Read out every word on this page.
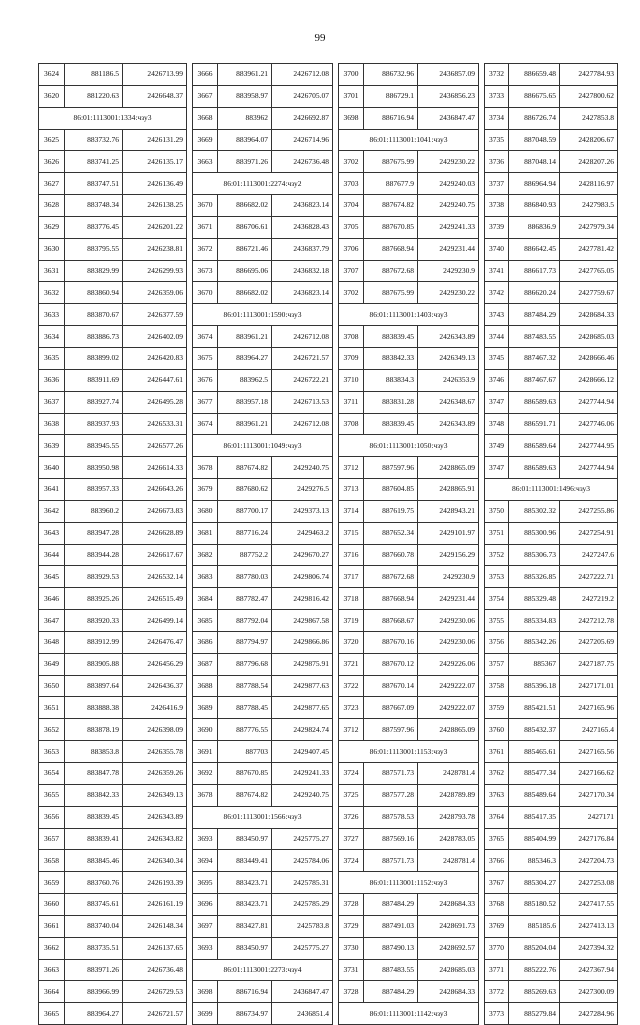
99
3624	881186.5	2426713.99
3620	881220.63	2426648.37
86:01:1113001:1334:чзу3		
3625	883732.76	2426131.29
3626	883741.25	2426135.17
3627	883747.51	2426136.49
3628	883748.34	2426138.25
3629	883776.45	2426201.22
3630	883795.55	2426238.81
3631	883829.99	2426299.93
3632	883860.94	2426359.06
3633	883870.67	2426377.59
3634	883886.73	2426402.09
3635	883899.02	2426420.83
3636	883911.69	2426447.61
3637	883927.74	2426495.28
3638	883937.93	2426533.31
3639	883945.55	2426577.26
3640	883950.98	2426614.33
3641	883957.33	2426643.26
3642	883960.2	2426673.83
3643	883947.28	2426628.89
3644	883944.28	2426617.67
3645	883929.53	2426532.14
3646	883925.26	2426515.49
3647	883920.33	2426499.14
3648	883912.99	2426476.47
3649	883905.88	2426456.29
3650	883897.64	2426436.37
3651	883888.38	2426416.9
3652	883878.19	2426398.09
3653	883853.8	2426355.78
3654	883847.78	2426359.26
3655	883842.33	2426349.13
3656	883839.45	2426343.89
3657	883839.41	2426343.82
3658	883845.46	2426340.34
3659	883760.76	2426193.39
3660	883745.61	2426161.19
3661	883740.04	2426148.34
3662	883735.51	2426137.65
3663	883971.26	2426736.48
3664	883966.99	2426729.53
3665	883964.27	2426721.57
3666	883961.21	2426712.08
3667	883958.97	2426705.07
3668	883962	2426692.87
3669	883964.07	2426714.96
3663	883971.26	2426736.48
86:01:1113001:2274:чзу2		
3670	886682.02	2436823.14
3671	886706.61	2436828.43
3672	886721.46	2436837.79
3673	886695.06	2436832.18
3670	886682.02	2436823.14
86:01:1113001:1590:чзу3		
3674	883961.21	2426712.08
3675	883964.27	2426721.57
3676	883962.5	2426722.21
3677	883957.18	2426713.53
3674	883961.21	2426712.08
86:01:1113001:1049:чзу3		
3678	887674.82	2429240.75
3679	887680.62	2429276.5
3680	887700.17	2429373.13
3681	887716.24	2429463.2
3682	887752.2	2429670.27
3683	887780.03	2429806.74
3684	887782.47	2429816.42
3685	887792.04	2429867.58
3686	887794.97	2429866.86
3687	887796.68	2429875.91
3688	887788.54	2429877.63
3689	887788.45	2429877.65
3690	887776.55	2429824.74
3691	887703	2429407.45
3692	887670.85	2429241.33
3678	887674.82	2429240.75
86:01:1113001:1566:чзу3		
3693	883450.97	2425775.27
3694	883449.41	2425784.06
3695	883423.71	2425785.31
3696	883423.71	2425785.29
3697	883427.81	2425783.8
3693	883450.97	2425775.27
86:01:1113001:2273:чзу4		
3698	886716.94	2436847.47
3699	886734.97	2436851.4
3700	886732.96	2436857.09
3701	886729.1	2436856.23
3698	886716.94	2436847.47
86:01:1113001:1041:чзу3		
3702	887675.99	2429230.22
3703	887677.9	2429240.03
3704	887674.82	2429240.75
3705	887670.85	2429241.33
3706	887668.94	2429231.44
3707	887672.68	2429230.9
3702	887675.99	2429230.22
86:01:1113001:1403:чзу3		
3708	883839.45	2426343.89
3709	883842.33	2426349.13
3710	883834.3	2426353.9
3711	883831.28	2426348.67
3708	883839.45	2426343.89
86:01:1113001:1050:чзу3		
3712	887597.96	2428865.09
3713	887604.85	2428865.91
3714	887619.75	2428943.21
3715	887652.34	2429101.97
3716	887660.78	2429156.29
3717	887672.68	2429230.9
3718	887668.94	2429231.44
3719	887668.67	2429230.06
3720	887670.16	2429230.06
3721	887670.12	2429226.06
3722	887670.14	2429222.07
3723	887667.09	2429222.07
3712	887597.96	2428865.09
86:01:1113001:1153:чзу3		
3724	887571.73	2428781.4
3725	887577.28	2428789.89
3726	887578.53	2428793.78
3727	887569.16	2428783.05
3724	887571.73	2428781.4
86:01:1113001:1152:чзу3		
3728	887484.29	2428684.33
3729	887491.03	2428691.73
3730	887490.13	2428692.57
3731	887483.55	2428685.03
3728	887484.29	2428684.33
86:01:1113001:1142:чзу3		
3732	886659.48	2427784.93
3733	886675.65	2427800.62
3734	886726.74	2427853.8
3735	887048.59	2428206.67
3736	887048.14	2428207.26
3737	886964.94	2428116.97
3738	886840.93	2427983.5
3739	886836.9	2427979.34
3740	886642.45	2427781.42
3741	886617.73	2427765.05
3742	886620.24	2427759.67
3743	887484.29	2428684.33
3744	887483.55	2428685.03
3745	887467.32	2428666.46
3746	887467.67	2428666.12
3747	886589.63	2427744.94
3748	886591.71	2427746.06
3749	886589.64	2427744.95
3747	886589.63	2427744.94
86:01:1113001:1496:чзу3		
3750	885302.32	2427255.86
3751	885300.96	2427254.91
3752	885306.73	2427247.6
3753	885326.85	2427222.71
3754	885329.48	2427219.2
3755	885334.83	2427212.78
3756	885342.26	2427205.69
3757	885367	2427187.75
3758	885396.18	2427171.01
3759	885421.51	2427165.96
3760	885432.37	2427165.4
3761	885465.61	2427165.56
3762	885477.34	2427166.62
3763	885489.64	2427170.34
3764	885417.35	2427171
3765	885404.99	2427176.84
3766	885346.3	2427204.73
3767	885304.27	2427253.08
3768	885180.52	2427417.55
3769	885185.6	2427413.13
3770	885204.04	2427394.32
3771	885222.76	2427367.94
3772	885269.63	2427300.09
3773	885279.84	2427284.96
